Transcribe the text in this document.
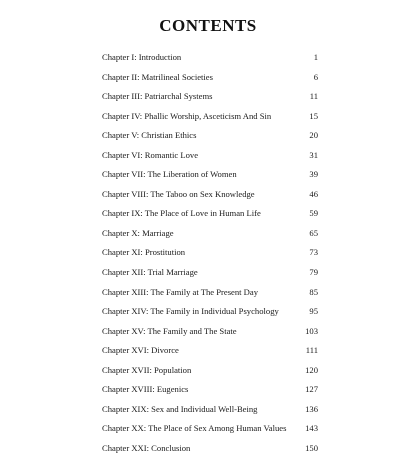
CONTENTS
Chapter I: Introduction	1
Chapter II: Matrilineal Societies	6
Chapter III: Patriarchal Systems	11
Chapter IV: Phallic Worship, Asceticism And Sin	15
Chapter V: Christian Ethics	20
Chapter VI: Romantic Love	31
Chapter VII: The Liberation of Women	39
Chapter VIII: The Taboo on Sex Knowledge	46
Chapter IX: The Place of Love in Human Life	59
Chapter X: Marriage	65
Chapter XI: Prostitution	73
Chapter XII: Trial Marriage	79
Chapter XIII: The Family at The Present Day	85
Chapter XIV: The Family in Individual Psychology	95
Chapter XV: The Family and The State	103
Chapter XVI: Divorce	111
Chapter XVII: Population	120
Chapter XVIII: Eugenics	127
Chapter XIX: Sex and Individual Well-Being	136
Chapter XX: The Place of Sex Among Human Values 143
Chapter XXI: Conclusion	150
